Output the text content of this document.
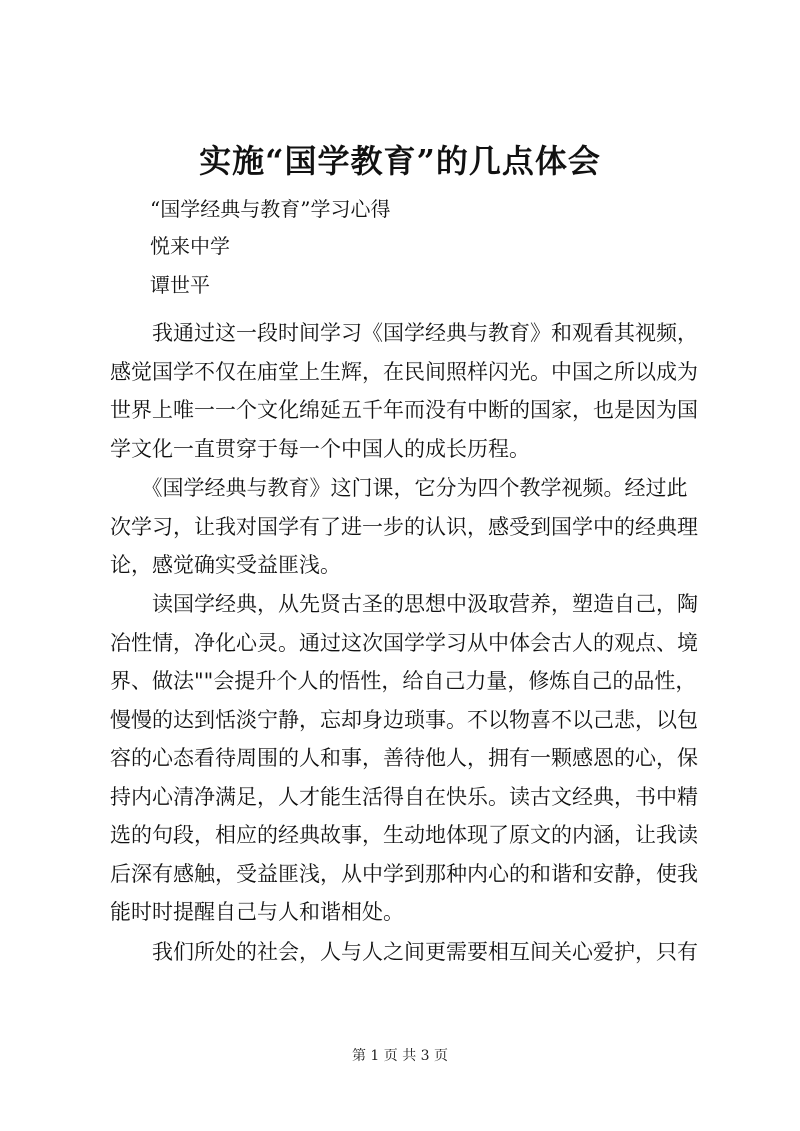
实施“国学教育”的几点体会
“国学经典与教育”学习心得
悦来中学
谭世平
　　我通过这一段时间学习《国学经典与教育》和观看其视频，
感觉国学不仅在庙堂上生辉，在民间照样闪光。中国之所以成为
世界上唯一一个文化绵延五千年而没有中断的国家，也是因为国
学文化一直贯穿于每一个中国人的成长历程。
　　《国学经典与教育》这门课，它分为四个教学视频。经过此
次学习，让我对国学有了进一步的认识，感受到国学中的经典理
论，感觉确实受益匪浅。
　　读国学经典，从先贤古圣的思想中汲取营养，塑造自己，陶
冶性情，净化心灵。通过这次国学学习从中体会古人的观点、境
界、做法""会提升个人的悟性，给自己力量，修炼自己的品性，
慢慢的达到恬淡宁静，忘却身边琐事。不以物喜不以己悲，以包
容的心态看待周围的人和事，善待他人，拥有一颗感恩的心，保
持内心清净满足，人才能生活得自在快乐。读古文经典，书中精
选的句段，相应的经典故事，生动地体现了原文的内涵，让我读
后深有感触，受益匪浅，从中学到那种内心的和谐和安静，使我
能时时提醒自己与人和谐相处。
　　我们所处的社会，人与人之间更需要相互间关心爱护，只有
第 1 页 共 3 页
